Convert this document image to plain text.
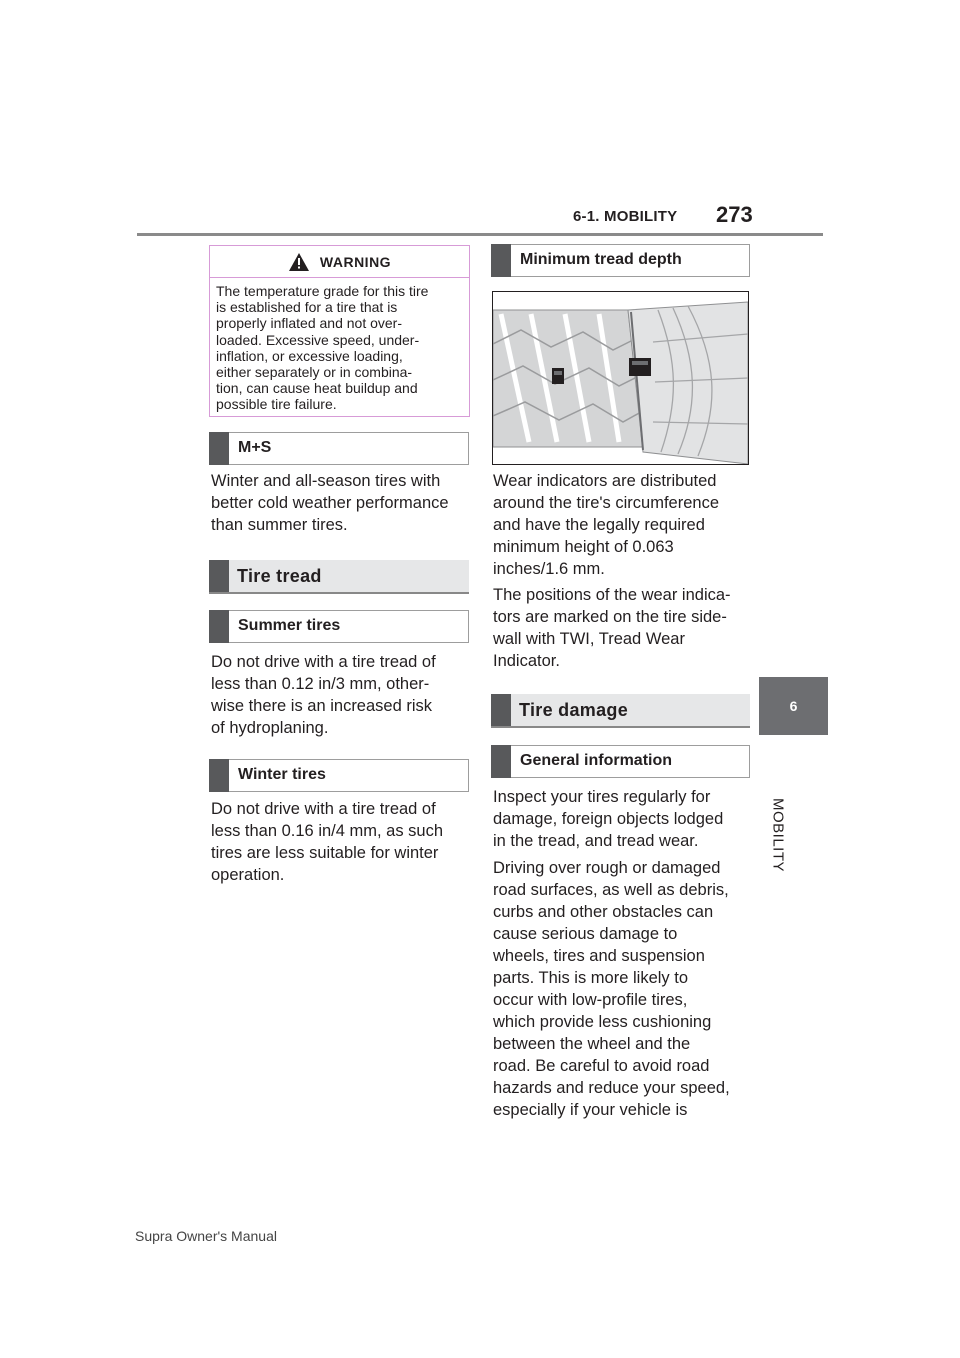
6-1. MOBILITY 273
6
MOBILITY
WARNING

The temperature grade for this tire

is established for a tire that is

properly inflated and not over-

loaded. Excessive speed, under-

inflation, or excessive loading,

either separately or in combina-

tion, can cause heat buildup and

possible tire failure.

M+S

Winter and all-season tires with

better cold weather performance

than summer tires.

Tire tread
Summer tires

Do not drive with a tire tread of

less than 0.12 in/3 mm, other-

wise there is an increased risk

of hydroplaning.

Winter tires

Do not drive with a tire tread of

less than 0.16 in/4 mm, as such

tires are less suitable for winter

operation.

Minimum tread depth

Wear indicators are distributed

around the tire's circumference

and have the legally required

minimum height of 0.063

inches/1.6 mm.

The positions of the wear indica-

tors are marked on the tire side-

wall with TWI, Tread Wear

Indicator.

Tire damage
General information

Inspect your tires regularly for

damage, foreign objects lodged

in the tread, and tread wear.

Driving over rough or damaged

road surfaces, as well as debris,

curbs and other obstacles can

cause serious damage to

wheels, tires and suspension

parts. This is more likely to

occur with low-profile tires,

which provide less cushioning

between the wheel and the

road. Be careful to avoid road

hazards and reduce your speed,

especially if your vehicle is

Supra Owner's Manual
